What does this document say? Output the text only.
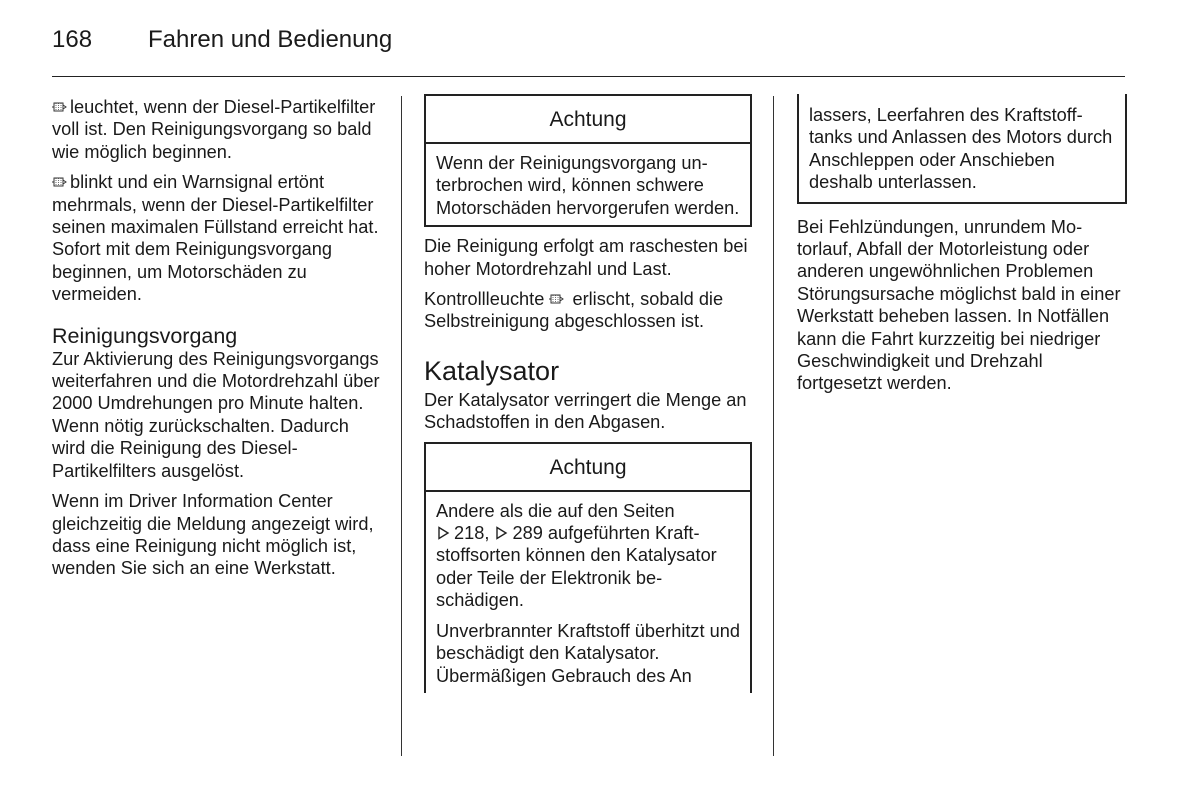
168 Fahren und Bedienung

leuchtet, wenn der Diesel-Partikelfilter voll ist. Den Reinigungsvorgang so bald wie möglich beginnen.

blinkt und ein Warnsignal ertönt mehrmals, wenn der Diesel-Partikelfilter seinen maximalen Füllstand erreicht hat. Sofort mit dem Reinigungsvorgang beginnen, um Motorschäden zu vermeiden.

Reinigungsvorgang

Zur Aktivierung des Reinigungsvorgangs weiterfahren und die Motordrehzahl über 2000 Umdrehungen pro Minute halten. Wenn nötig zurückschalten. Dadurch wird die Reinigung des Diesel-Partikelfilters ausgelöst.

Wenn im Driver Information Center gleichzeitig die Meldung angezeigt wird, dass eine Reinigung nicht möglich ist, wenden Sie sich an eine Werkstatt.

Achtung
Wenn der Reinigungsvorgang unterbrochen wird, können schwere Motorschäden hervorgerufen werden.

Die Reinigung erfolgt am raschesten bei hoher Motordrehzahl und Last.

Kontrollleuchte erlischt, sobald die Selbstreinigung abgeschlossen ist.

Katalysator

Der Katalysator verringert die Menge an Schadstoffen in den Abgasen.

Achtung

Andere als die auf den Seiten
218, 289 aufgeführten Kraftstoffsorten können den Katalysator oder Teile der Elektronik beschädigen.

Unverbrannter Kraftstoff überhitzt und beschädigt den Katalysator. Übermäßigen Gebrauch des An

lassers, Leerfahren des Kraftstofftanks und Anlassen des Motors durch Anschleppen oder Anschieben deshalb unterlassen.

Bei Fehlzündungen, unrundem Motorlauf, Abfall der Motorleistung oder anderen ungewöhnlichen Problemen Störungsursache möglichst bald in einer Werkstatt beheben lassen. In Notfällen kann die Fahrt kurzzeitig bei niedriger Geschwindigkeit und Drehzahl fortgesetzt werden.
